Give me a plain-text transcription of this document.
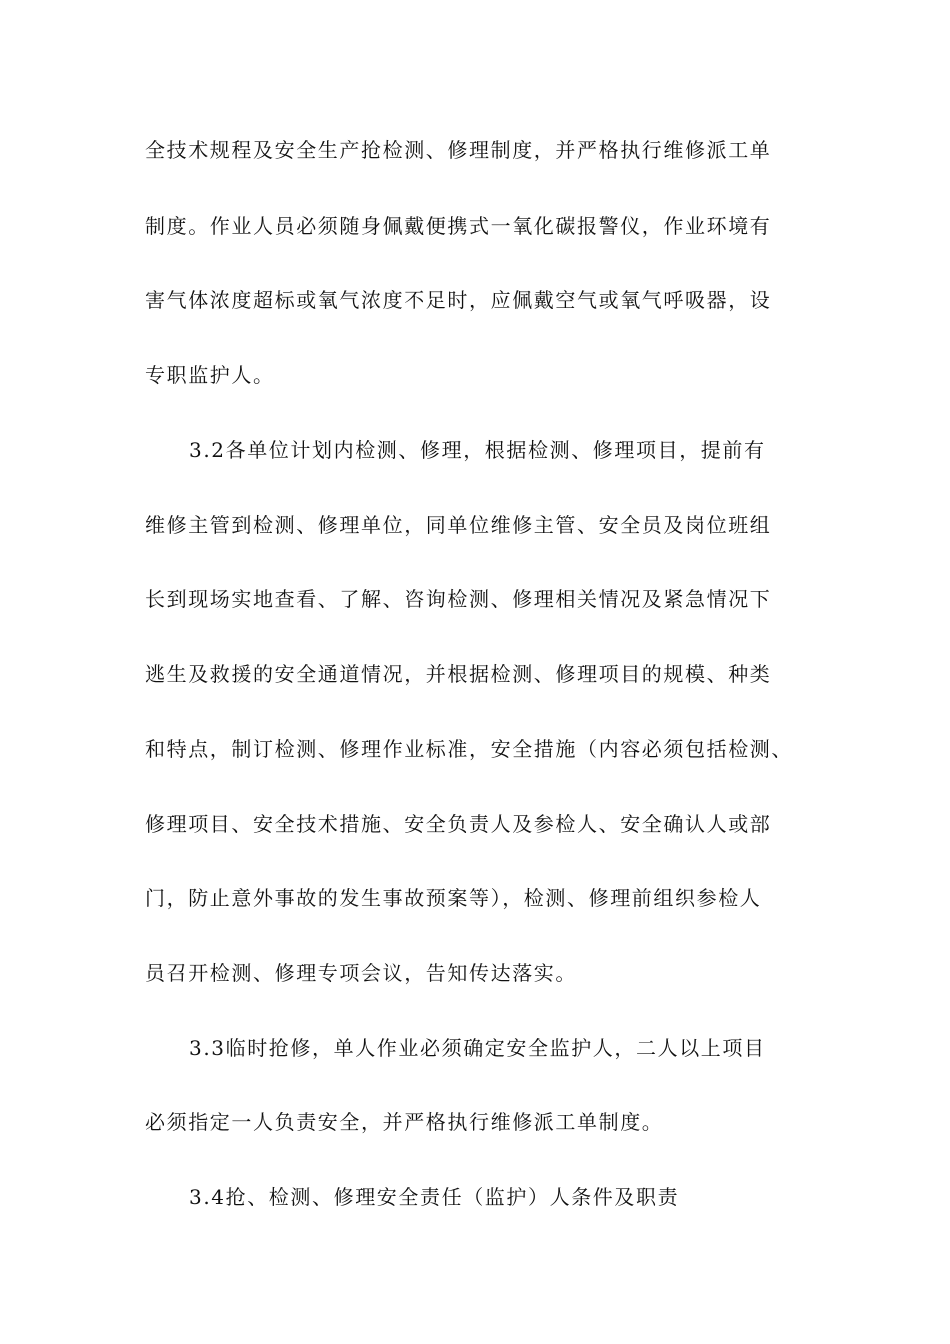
全技术规程及安全生产抢检测、修理制度，并严格执行维修派工单
制度。作业人员必须随身佩戴便携式一氧化碳报警仪，作业环境有
害气体浓度超标或氧气浓度不足时，应佩戴空气或氧气呼吸器，设
专职监护人。
3.2各单位计划内检测、修理，根据检测、修理项目，提前有
维修主管到检测、修理单位，同单位维修主管、安全员及岗位班组
长到现场实地查看、了解、咨询检测、修理相关情况及紧急情况下
逃生及救援的安全通道情况，并根据检测、修理项目的规模、种类
和特点，制订检测、修理作业标准，安全措施（内容必须包括检测、
修理项目、安全技术措施、安全负责人及参检人、安全确认人或部
门，防止意外事故的发生事故预案等），检测、修理前组织参检人
员召开检测、修理专项会议，告知传达落实。
3.3临时抢修，单人作业必须确定安全监护人，二人以上项目
必须指定一人负责安全，并严格执行维修派工单制度。
3.4抢、检测、修理安全责任（监护）人条件及职责
